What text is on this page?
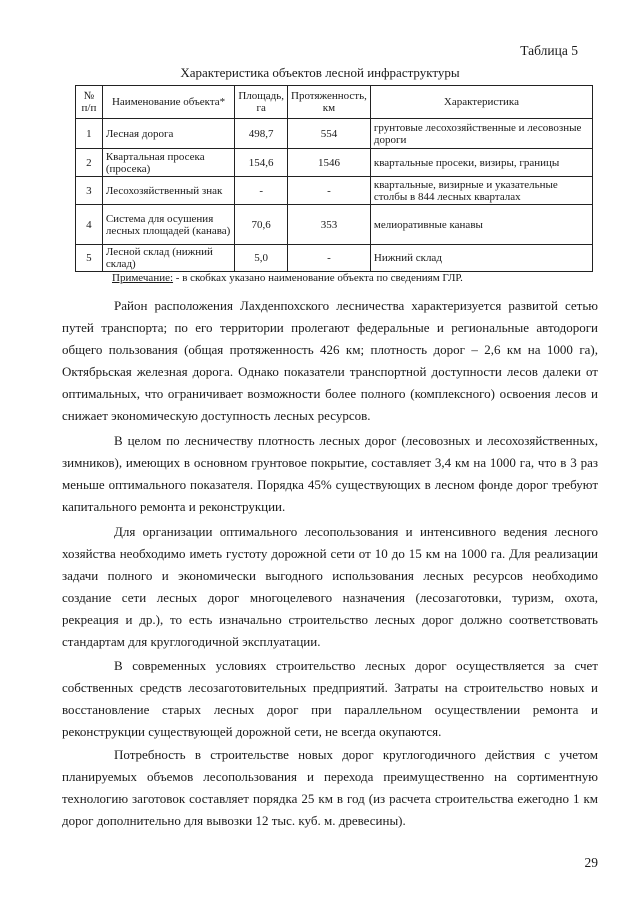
Таблица 5
Характеристика объектов лесной инфраструктуры
№ п/п	Наименование объекта*	Площадь, га	Протяженность, км	Характеристика
1	Лесная дорога	498,7	554	грунтовые лесохозяйственные и лесовозные дороги
2	Квартальная просека (просека)	154,6	1546	квартальные просеки, визиры, границы
3	Лесохозяйственный знак	-	-	квартальные, визирные и указательные столбы в 844 лесных кварталах
4	Система для осушения лесных площадей (канава)	70,6	353	мелиоративные канавы
5	Лесной склад (нижний склад)	5,0	-	Нижний склад
Примечание: - в скобках указано наименование объекта по сведениям ГЛР.

Район расположения Лахденпохского лесничества характеризуется развитой сетью путей транспорта; по его территории пролегают федеральные и региональные автодороги общего пользования (общая протяженность 426 км; плотность дорог – 2,6 км на 1000 га), Октябрьская железная дорога. Однако показатели транспортной доступности лесов далеки от оптимальных, что ограничивает возможности более полного (комплексного) освоения лесов и снижает экономическую доступность лесных ресурсов.

В целом по лесничеству плотность лесных дорог (лесовозных и лесохозяйственных, зимников), имеющих в основном грунтовое покрытие, составляет 3,4 км на 1000 га, что в 3 раз меньше оптимального показателя. Порядка 45% существующих в лесном фонде дорог требуют капитального ремонта и реконструкции.

Для организации оптимального лесопользования и интенсивного ведения лесного хозяйства необходимо иметь густоту дорожной сети от 10 до 15 км на 1000 га. Для реализации задачи полного и экономически выгодного использования лесных ресурсов необходимо создание сети лесных дорог многоцелевого назначения (лесозаготовки, туризм, охота, рекреация и др.), то есть изначально строительство лесных дорог должно соответствовать стандартам для круглогодичной эксплуатации.

В современных условиях строительство лесных дорог осуществляется за счет собственных средств лесозаготовительных предприятий. Затраты на строительство новых и восстановление старых лесных дорог при параллельном осуществлении ремонта и реконструкции существующей дорожной сети, не всегда окупаются.

Потребность в строительстве новых дорог круглогодичного действия с учетом планируемых объемов лесопользования и перехода преимущественно на сортиментную технологию заготовок составляет порядка 25 км в год (из расчета строительства ежегодно 1 км дорог дополнительно для вывозки 12 тыс. куб. м. древесины).

29
